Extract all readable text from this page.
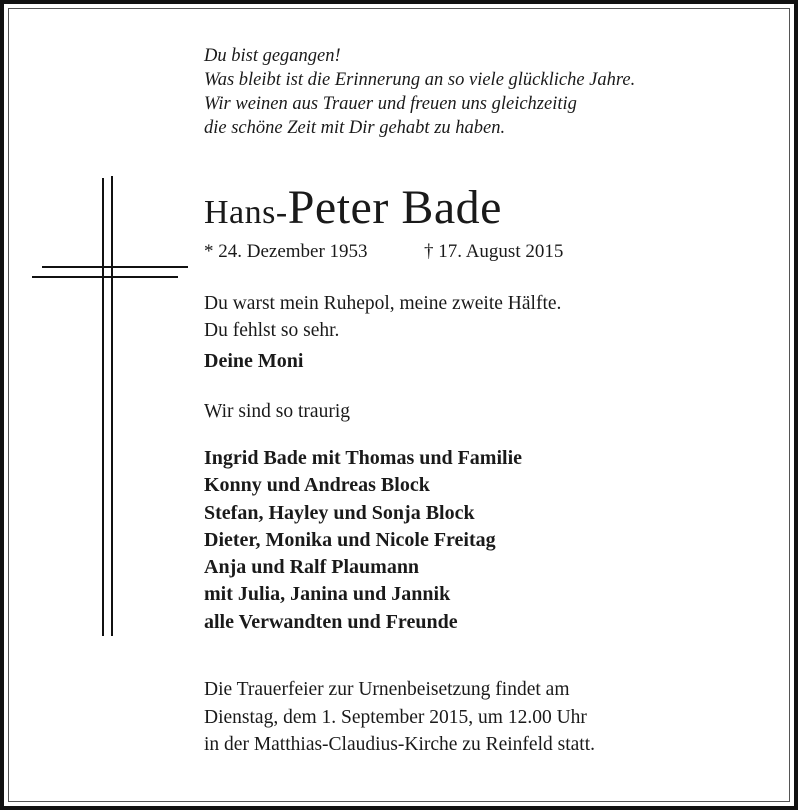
Du bist gegangen!
Was bleibt ist die Erinnerung an so viele glückliche Jahre.
Wir weinen aus Trauer und freuen uns gleichzeitig
die schöne Zeit mit Dir gehabt zu haben.
Hans-Peter Bade
* 24. Dezember 1953	† 17. August 2015
Du warst mein Ruhepol, meine zweite Hälfte.
Du fehlst so sehr.
Deine Moni
Wir sind so traurig
Ingrid Bade mit Thomas und Familie
Konny und Andreas Block
Stefan, Hayley und Sonja Block
Dieter, Monika und Nicole Freitag
Anja und Ralf Plaumann
mit Julia, Janina und Jannik
alle Verwandten und Freunde
Die Trauerfeier zur Urnenbeisetzung findet am
Dienstag, dem 1. September 2015, um 12.00 Uhr
in der Matthias-Claudius-Kirche zu Reinfeld statt.
